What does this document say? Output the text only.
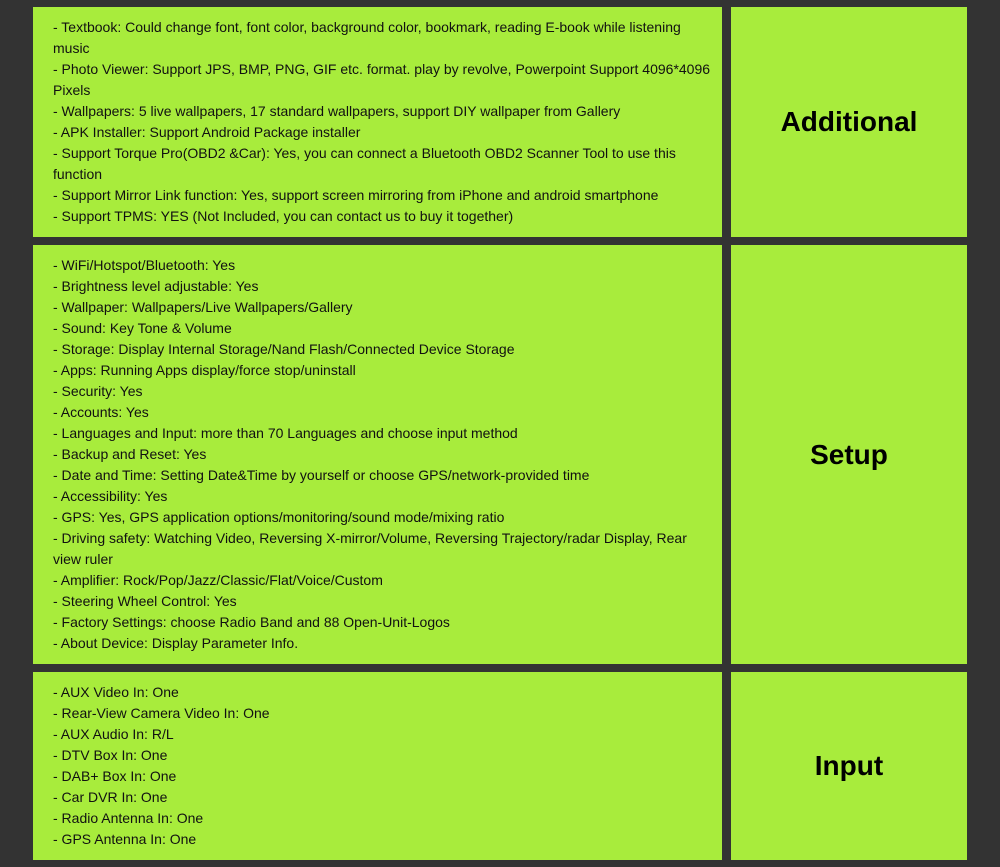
- Textbook: Could change font, font color, background color, bookmark, reading E-book while listening music
- Photo Viewer: Support JPS, BMP, PNG, GIF etc. format. play by revolve, Powerpoint Support 4096*4096 Pixels
- Wallpapers: 5 live wallpapers, 17 standard wallpapers, support DIY wallpaper from Gallery
- APK Installer: Support Android Package installer
- Support Torque Pro(OBD2 &Car): Yes, you can connect a Bluetooth OBD2 Scanner Tool to use this function
- Support Mirror Link function: Yes, support screen mirroring from iPhone and android smartphone
- Support TPMS: YES (Not Included, you can contact us to buy it together)
Additional
- WiFi/Hotspot/Bluetooth: Yes
- Brightness level adjustable: Yes
- Wallpaper: Wallpapers/Live Wallpapers/Gallery
- Sound: Key Tone & Volume
- Storage: Display Internal Storage/Nand Flash/Connected Device Storage
- Apps: Running Apps display/force stop/uninstall
- Security: Yes
- Accounts: Yes
- Languages and Input: more than 70 Languages and choose input method
- Backup and Reset: Yes
- Date and Time: Setting Date&Time by yourself or choose GPS/network-provided time
- Accessibility: Yes
- GPS: Yes, GPS application options/monitoring/sound mode/mixing ratio
- Driving safety: Watching Video, Reversing X-mirror/Volume, Reversing Trajectory/radar Display, Rear view ruler
- Amplifier: Rock/Pop/Jazz/Classic/Flat/Voice/Custom
- Steering Wheel Control: Yes
- Factory Settings: choose Radio Band and 88 Open-Unit-Logos
- About Device: Display Parameter Info.
Setup
- AUX Video In: One
- Rear-View Camera Video In: One
- AUX Audio In: R/L
- DTV Box In: One
- DAB+ Box In: One
- Car DVR In: One
- Radio Antenna In: One
- GPS Antenna In: One
Input
